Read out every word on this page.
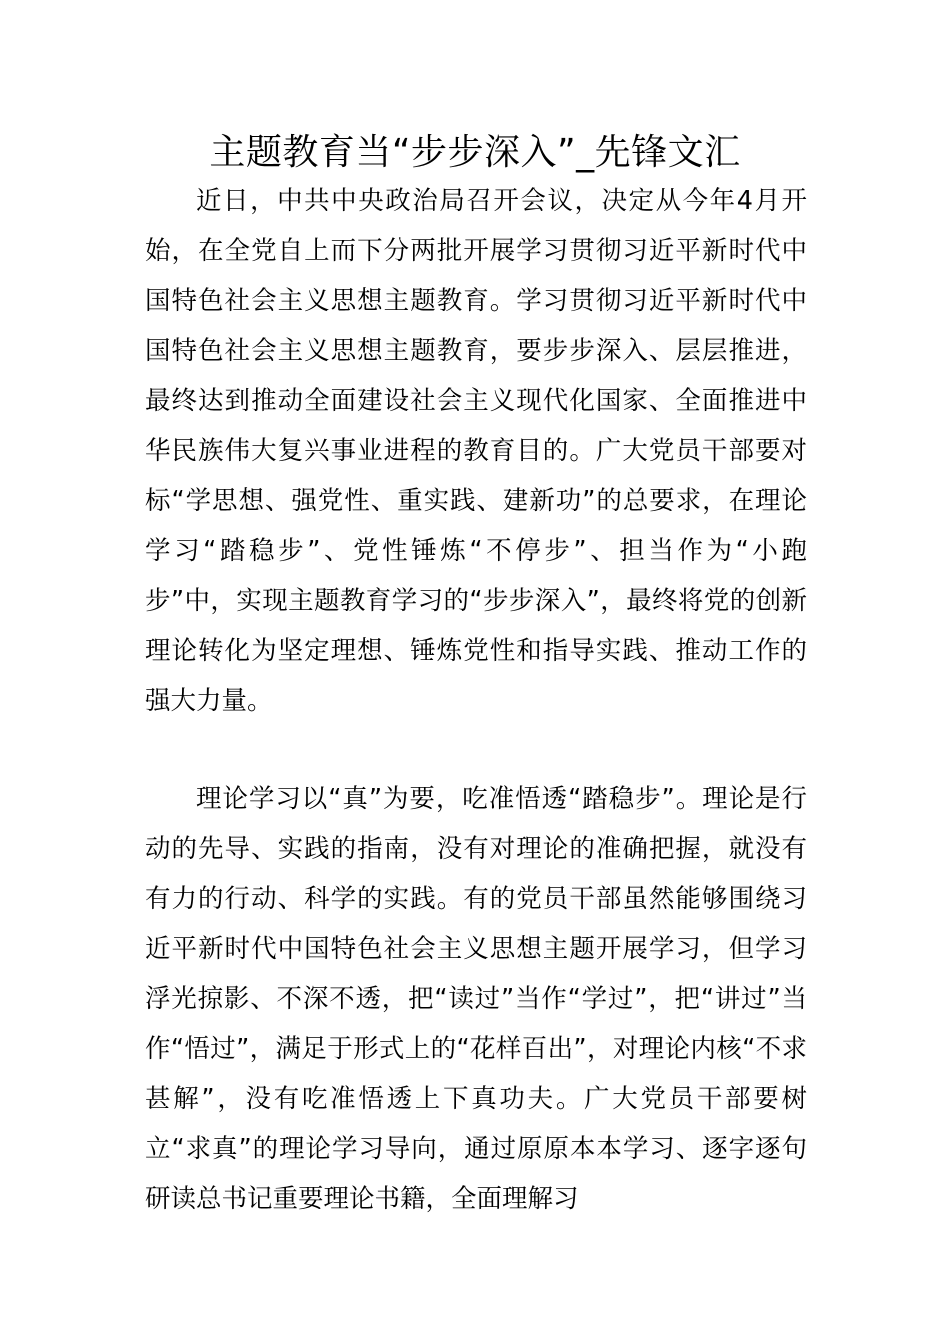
主题教育当“步步深入”_先锋文汇

近日，中共中央政治局召开会议，决定从今年4月开始，在全党自上而下分两批开展学习贯彻习近平新时代中国特色社会主义思想主题教育。学习贯彻习近平新时代中国特色社会主义思想主题教育，要步步深入、层层推进，最终达到推动全面建设社会主义现代化国家、全面推进中华民族伟大复兴事业进程的教育目的。广大党员干部要对标“学思想、强党性、重实践、建新功”的总要求，在理论学习“踏稳步”、党性锤炼“不停步”、担当作为“小跑步”中，实现主题教育学习的“步步深入”，最终将党的创新理论转化为坚定理想、锤炼党性和指导实践、推动工作的强大力量。

理论学习以“真”为要，吃准悟透“踏稳步”。理论是行动的先导、实践的指南，没有对理论的准确把握，就没有有力的行动、科学的实践。有的党员干部虽然能够围绕习近平新时代中国特色社会主义思想主题开展学习，但学习浮光掠影、不深不透，把“读过”当作“学过”，把“讲过”当作“悟过”，满足于形式上的“花样百出”，对理论内核“不求甚解”，没有吃准悟透上下真功夫。广大党员干部要树立“求真”的理论学习导向，通过原原本本学习、逐字逐句研读总书记重要理论书籍，全面理解习
